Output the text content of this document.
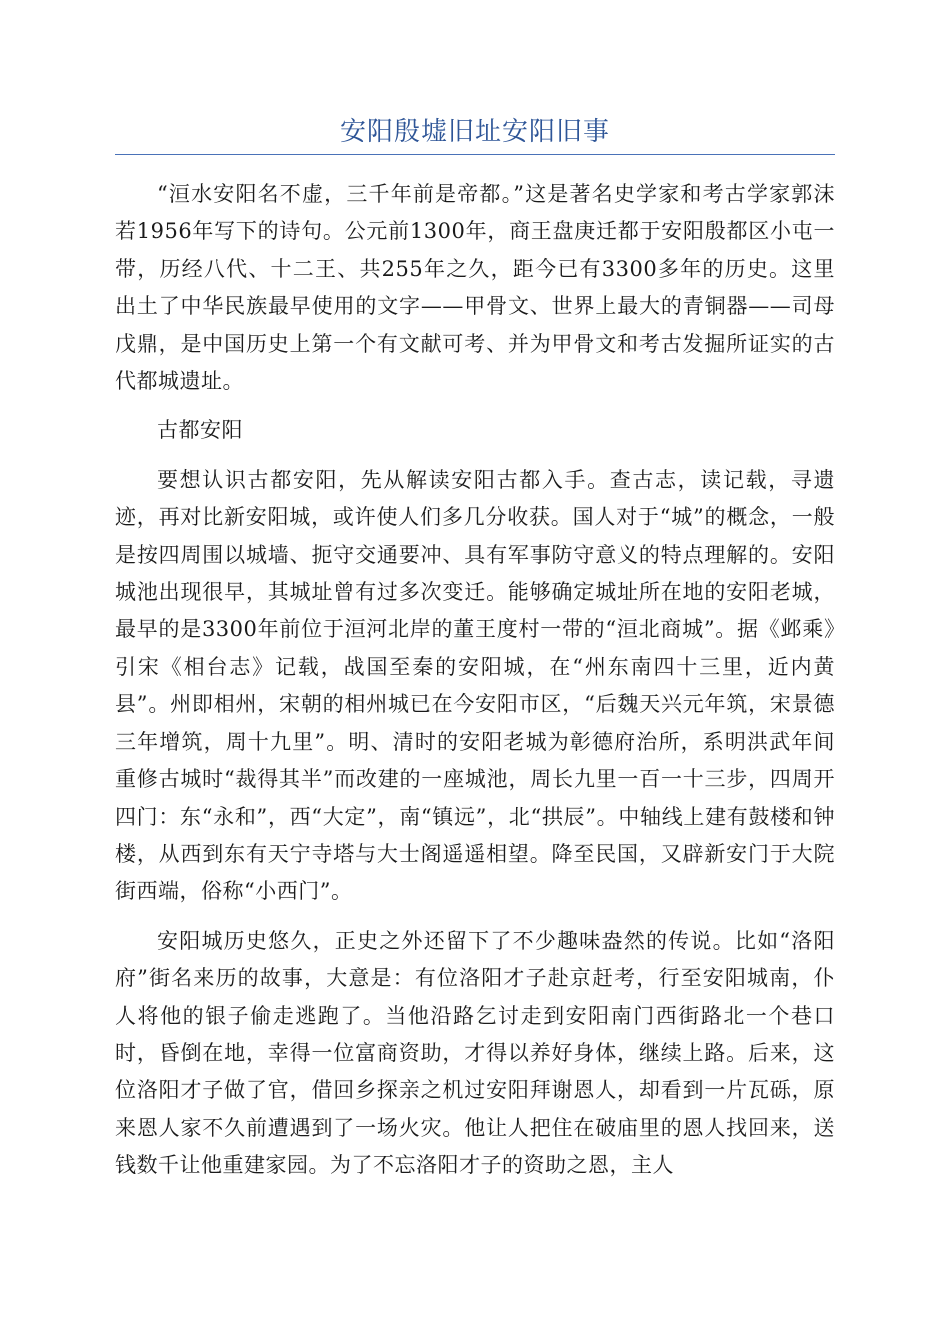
安阳殷墟旧址安阳旧事

“洹水安阳名不虚，三千年前是帝都。”这是著名史学家和考古学家郭沫若1956年写下的诗句。公元前1300年，商王盘庚迁都于安阳殷都区小屯一带，历经八代、十二王、共255年之久，距今已有3300多年的历史。这里出土了中华民族最早使用的文字——甲骨文、世界上最大的青铜器——司母戊鼎，是中国历史上第一个有文献可考、并为甲骨文和考古发掘所证实的古代都城遗址。

古都安阳

要想认识古都安阳，先从解读安阳古都入手。查古志，读记载，寻遗迹，再对比新安阳城，或许使人们多几分收获。国人对于“城”的概念，一般是按四周围以城墙、扼守交通要冲、具有军事防守意义的特点理解的。安阳城池出现很早，其城址曾有过多次变迁。能够确定城址所在地的安阳老城，最早的是3300年前位于洹河北岸的董王度村一带的“洹北商城”。据《邺乘》引宋《相台志》记载，战国至秦的安阳城，在“州东南四十三里，近内黄县”。州即相州，宋朝的相州城已在今安阳市区，“后魏天兴元年筑，宋景德三年增筑，周十九里”。明、清时的安阳老城为彰德府治所，系明洪武年间重修古城时“裁得其半”而改建的一座城池，周长九里一百一十三步，四周开四门：东“永和”，西“大定”，南“镇远”，北“拱辰”。中轴线上建有鼓楼和钟楼，从西到东有天宁寺塔与大士阁遥遥相望。降至民国，又辟新安门于大院街西端，俗称“小西门”。

安阳城历史悠久，正史之外还留下了不少趣味盎然的传说。比如“洛阳府”街名来历的故事，大意是：有位洛阳才子赴京赶考，行至安阳城南，仆人将他的银子偷走逃跑了。当他沿路乞讨走到安阳南门西街路北一个巷口时，昏倒在地，幸得一位富商资助，才得以养好身体，继续上路。后来，这位洛阳才子做了官，借回乡探亲之机过安阳拜谢恩人，却看到一片瓦砾，原来恩人家不久前遭遇到了一场火灾。他让人把住在破庙里的恩人找回来，送钱数千让他重建家园。为了不忘洛阳才子的资助之恩，主人
